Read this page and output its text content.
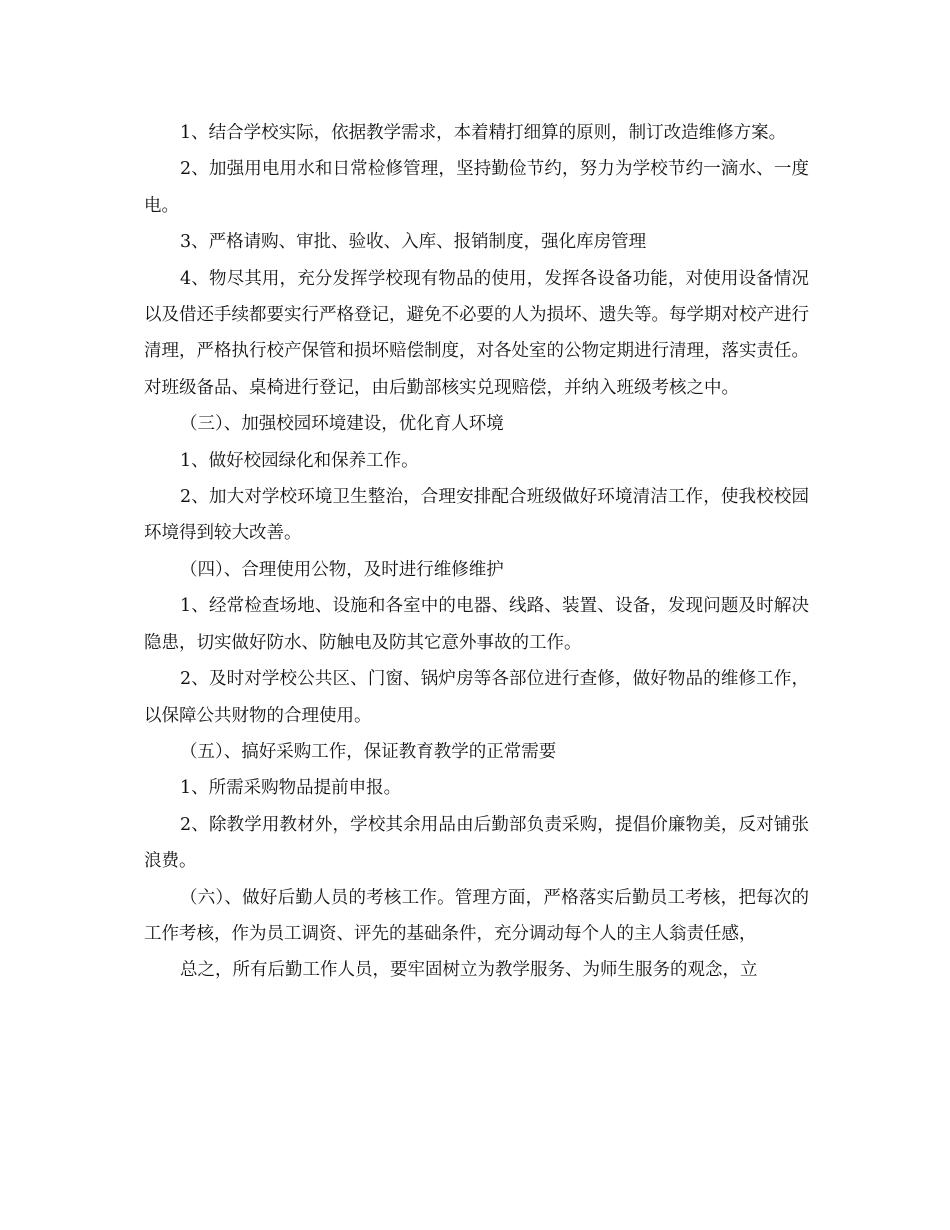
1、结合学校实际，依据教学需求，本着精打细算的原则，制订改造维修方案。

2、加强用电用水和日常检修管理，坚持勤俭节约，努力为学校节约一滴水、一度电。

3、严格请购、审批、验收、入库、报销制度，强化库房管理

4、物尽其用，充分发挥学校现有物品的使用，发挥各设备功能，对使用设备情况以及借还手续都要实行严格登记，避免不必要的人为损坏、遗失等。每学期对校产进行清理，严格执行校产保管和损坏赔偿制度，对各处室的公物定期进行清理，落实责任。对班级备品、桌椅进行登记，由后勤部核实兑现赔偿，并纳入班级考核之中。

（三）、加强校园环境建设，优化育人环境

1、做好校园绿化和保养工作。

2、加大对学校环境卫生整治，合理安排配合班级做好环境清洁工作，使我校校园环境得到较大改善。

（四）、合理使用公物，及时进行维修维护

1、经常检查场地、设施和各室中的电器、线路、装置、设备，发现问题及时解决隐患，切实做好防水、防触电及防其它意外事故的工作。

2、及时对学校公共区、门窗、锅炉房等各部位进行查修，做好物品的维修工作，以保障公共财物的合理使用。

（五）、搞好采购工作，保证教育教学的正常需要

1、所需采购物品提前申报。

2、除教学用教材外，学校其余用品由后勤部负责采购，提倡价廉物美，反对铺张浪费。

（六）、做好后勤人员的考核工作。管理方面，严格落实后勤员工考核，把每次的工作考核，作为员工调资、评先的基础条件，充分调动每个人的主人翁责任感，

总之，所有后勤工作人员，要牢固树立为教学服务、为师生服务的观念，立
